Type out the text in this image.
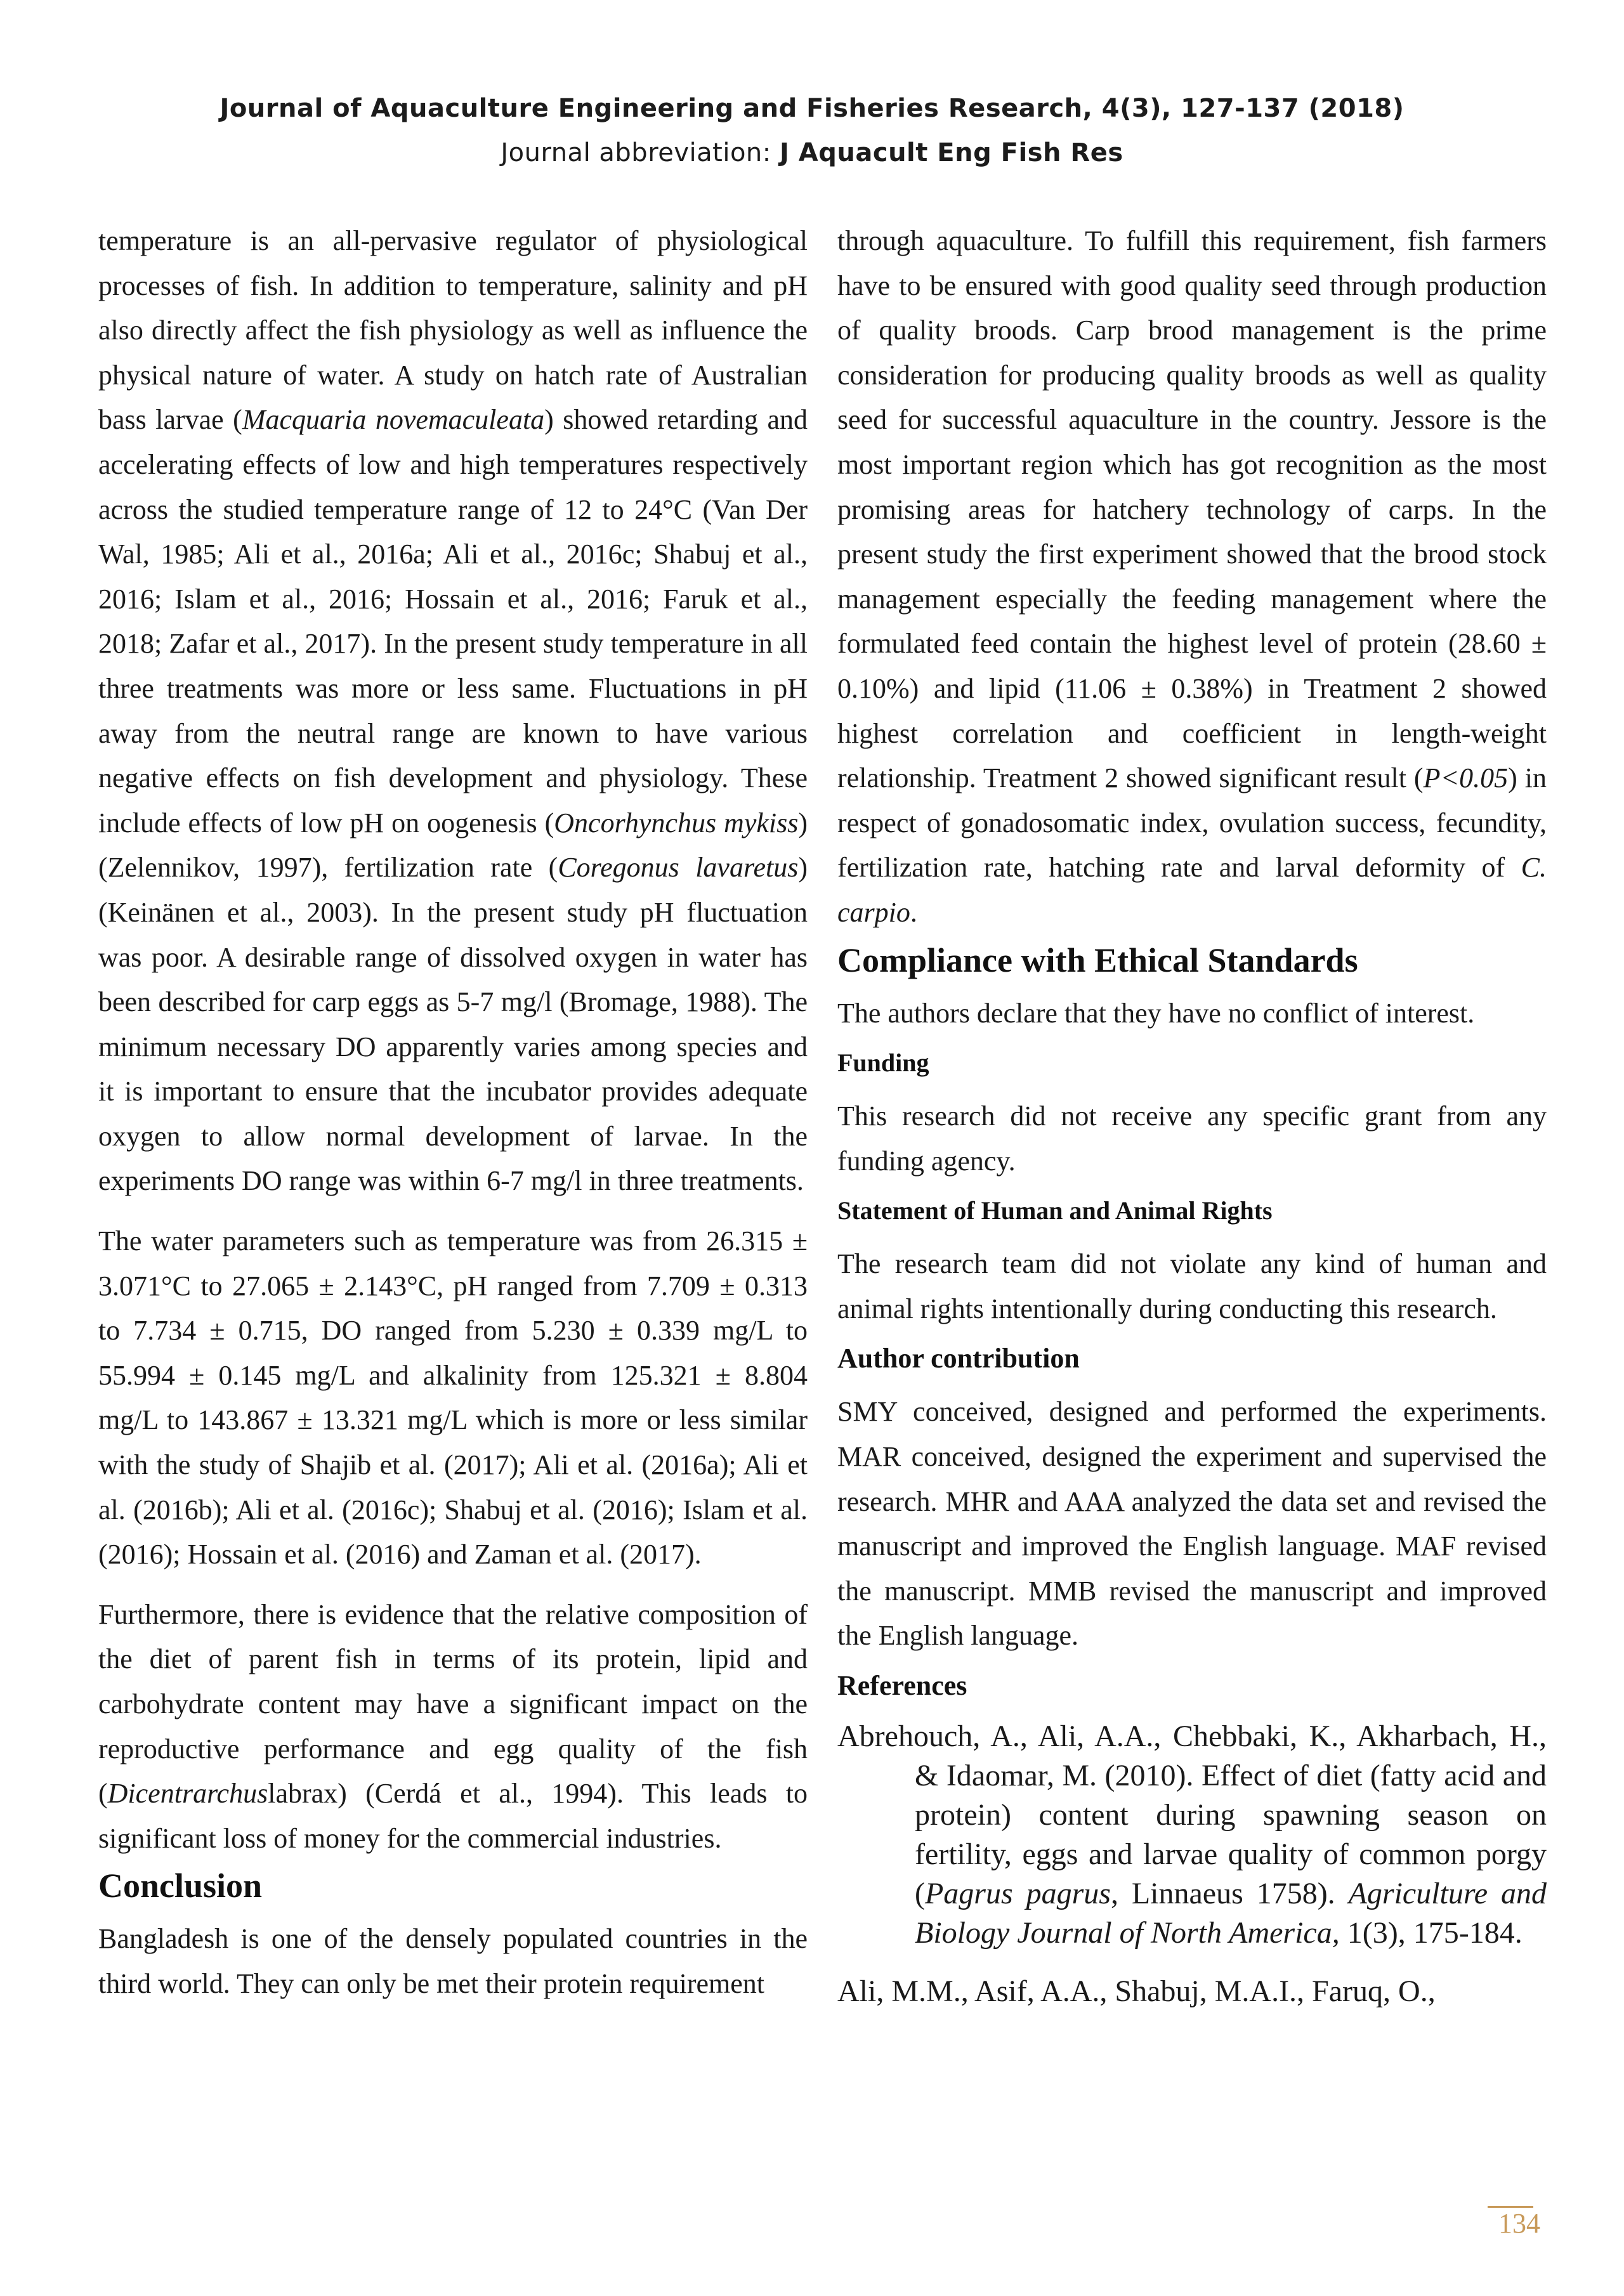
Journal of Aquaculture Engineering and Fisheries Research, 4(3), 127-137 (2018)
Journal abbreviation: J Aquacult Eng Fish Res

temperature is an all-pervasive regulator of physiological processes of fish. In addition to temperature, salinity and pH also directly affect the fish physiology as well as influence the physical nature of water. A study on hatch rate of Australian bass larvae (Macquaria novemaculeata) showed retarding and accelerating effects of low and high temperatures respectively across the studied temperature range of 12 to 24°C (Van Der Wal, 1985; Ali et al., 2016a; Ali et al., 2016c; Shabuj et al., 2016; Islam et al., 2016; Hossain et al., 2016; Faruk et al., 2018; Zafar et al., 2017). In the present study temperature in all three treatments was more or less same. Fluctuations in pH away from the neutral range are known to have various negative effects on fish development and physiology. These include effects of low pH on oogenesis (Oncorhynchus mykiss) (Zelennikov, 1997), fertilization rate (Coregonus lavaretus) (Keinänen et al., 2003). In the present study pH fluctuation was poor. A desirable range of dissolved oxygen in water has been described for carp eggs as 5-7 mg/l (Bromage, 1988). The minimum necessary DO apparently varies among species and it is important to ensure that the incubator provides adequate oxygen to allow normal development of larvae. In the experiments DO range was within 6-7 mg/l in three treatments.

The water parameters such as temperature was from 26.315 ± 3.071°C to 27.065 ± 2.143°C, pH ranged from 7.709 ± 0.313 to 7.734 ± 0.715, DO ranged from 5.230 ± 0.339 mg/L to 55.994 ± 0.145 mg/L and alkalinity from 125.321 ± 8.804 mg/L to 143.867 ± 13.321 mg/L which is more or less similar with the study of Shajib et al. (2017); Ali et al. (2016a); Ali et al. (2016b); Ali et al. (2016c); Shabuj et al. (2016); Islam et al. (2016); Hossain et al. (2016) and Zaman et al. (2017).

Furthermore, there is evidence that the relative composition of the diet of parent fish in terms of its protein, lipid and carbohydrate content may have a significant impact on the reproductive performance and egg quality of the fish (Dicentrarchuslabrax) (Cerdá et al., 1994). This leads to significant loss of money for the commercial industries.

Conclusion

Bangladesh is one of the densely populated countries in the third world. They can only be met their protein requirement

through aquaculture. To fulfill this requirement, fish farmers have to be ensured with good quality seed through production of quality broods. Carp brood management is the prime consideration for producing quality broods as well as quality seed for successful aquaculture in the country. Jessore is the most important region which has got recognition as the most promising areas for hatchery technology of carps. In the present study the first experiment showed that the brood stock management especially the feeding management where the formulated feed contain the highest level of protein (28.60 ± 0.10%) and lipid (11.06 ± 0.38%) in Treatment 2 showed highest correlation and coefficient in length-weight relationship. Treatment 2 showed significant result (P<0.05) in respect of gonadosomatic index, ovulation success, fecundity, fertilization rate, hatching rate and larval deformity of C. carpio.

Compliance with Ethical Standards

The authors declare that they have no conflict of interest.

Funding

This research did not receive any specific grant from any funding agency.

Statement of Human and Animal Rights

The research team did not violate any kind of human and animal rights intentionally during conducting this research.

Author contribution

SMY conceived, designed and performed the experiments. MAR conceived, designed the experiment and supervised the research. MHR and AAA analyzed the data set and revised the manuscript and improved the English language. MAF revised the manuscript. MMB revised the manuscript and improved the English language.

References

Abrehouch, A., Ali, A.A., Chebbaki, K., Akharbach, H., & Idaomar, M. (2010). Effect of diet (fatty acid and protein) content during spawning season on fertility, eggs and larvae quality of common porgy (Pagrus pagrus, Linnaeus 1758). Agriculture and Biology Journal of North America, 1(3), 175-184.

Ali, M.M., Asif, A.A., Shabuj, M.A.I., Faruq, O.,

134
